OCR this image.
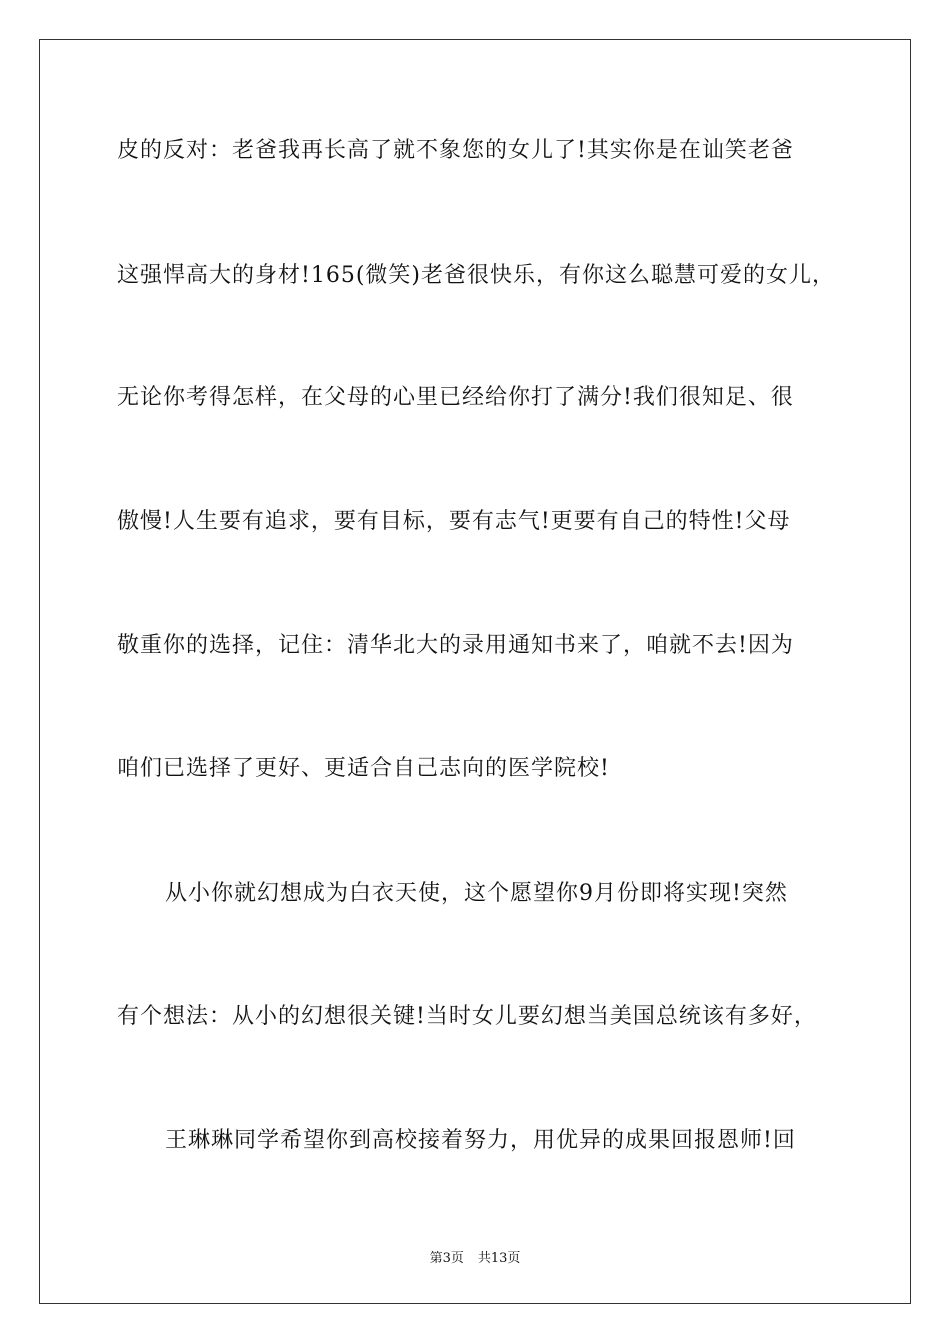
皮的反对：老爸我再长高了就不象您的女儿了!其实你是在讪笑老爸
这强悍高大的身材!165(微笑)老爸很快乐，有你这么聪慧可爱的女儿，
无论你考得怎样，在父母的心里已经给你打了满分!我们很知足、很
傲慢!人生要有追求，要有目标，要有志气!更要有自己的特性!父母
敬重你的选择，记住：清华北大的录用通知书来了，咱就不去!因为
咱们已选择了更好、更适合自己志向的医学院校!
从小你就幻想成为白衣天使，这个愿望你9月份即将实现!突然
有个想法：从小的幻想很关键!当时女儿要幻想当美国总统该有多好，
王琳琳同学希望你到高校接着努力，用优异的成果回报恩师!回
第3页 共13页
